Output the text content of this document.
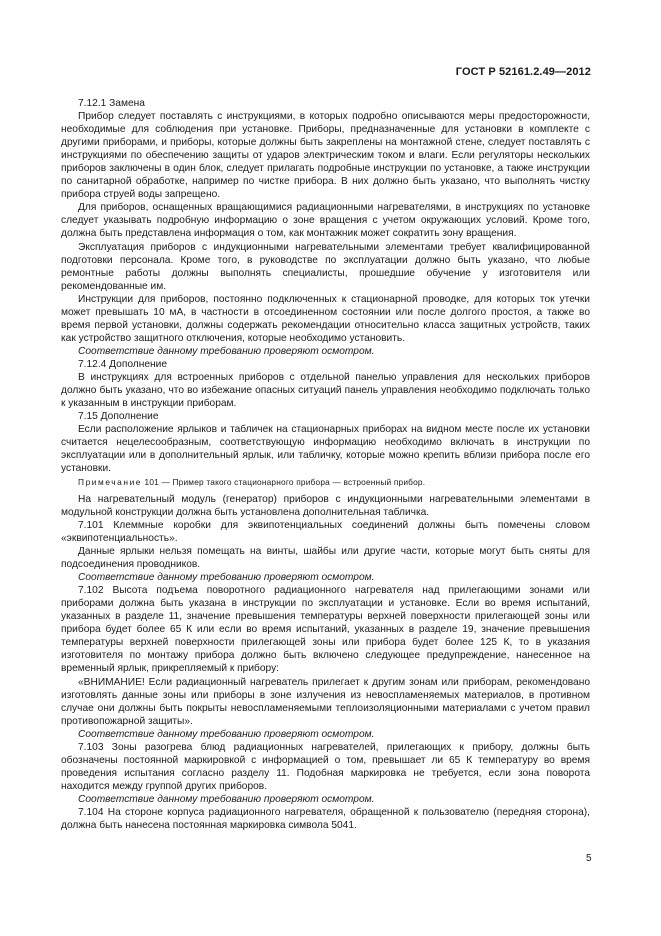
ГОСТ Р 52161.2.49—2012

7.12.1 Замена

Прибор следует поставлять с инструкциями, в которых подробно описываются меры предосторожности, необходимые для соблюдения при установке. Приборы, предназначенные для установки в комплекте с другими приборами, и приборы, которые должны быть закреплены на монтажной стене, следует поставлять с инструкциями по обеспечению защиты от ударов электрическим током и влаги. Если регуляторы нескольких приборов заключены в один блок, следует прилагать подробные инструкции по установке, а также инструкции по санитарной обработке, например по чистке прибора. В них должно быть указано, что выполнять чистку прибора струей воды запрещено.

Для приборов, оснащенных вращающимися радиационными нагревателями, в инструкциях по установке следует указывать подробную информацию о зоне вращения с учетом окружающих условий. Кроме того, должна быть представлена информация о том, как монтажник может сократить зону вращения.

Эксплуатация приборов с индукционными нагревательными элементами требует квалифицированной подготовки персонала. Кроме того, в руководстве по эксплуатации должно быть указано, что любые ремонтные работы должны выполнять специалисты, прошедшие обучение у изготовителя или рекомендованные им.

Инструкции для приборов, постоянно подключенных к стационарной проводке, для которых ток утечки может превышать 10 мА, в частности в отсоединенном состоянии или после долгого простоя, а также во время первой установки, должны содержать рекомендации относительно класса защитных устройств, таких как устройство защитного отключения, которые необходимо установить.

Соответствие данному требованию проверяют осмотром.

7.12.4 Дополнение

В инструкциях для встроенных приборов с отдельной панелью управления для нескольких приборов должно быть указано, что во избежание опасных ситуаций панель управления необходимо подключать только к указанным в инструкции приборам.

7.15 Дополнение

Если расположение ярлыков и табличек на стационарных приборах на видном месте после их установки считается нецелесообразным, соответствующую информацию необходимо включать в инструкции по эксплуатации или в дополнительный ярлык, или табличку, которые можно крепить вблизи прибора после его установки.

Примечание 101 — Пример такого стационарного прибора — встроенный прибор.

На нагревательный модуль (генератор) приборов с индукционными нагревательными элементами в модульной конструкции должна быть установлена дополнительная табличка.

7.101 Клеммные коробки для эквипотенциальных соединений должны быть помечены словом «эквипотенциальность».

Данные ярлыки нельзя помещать на винты, шайбы или другие части, которые могут быть сняты для подсоединения проводников.

Соответствие данному требованию проверяют осмотром.

7.102 Высота подъема поворотного радиационного нагревателя над прилегающими зонами или приборами должна быть указана в инструкции по эксплуатации и установке. Если во время испытаний, указанных в разделе 11, значение превышения температуры верхней поверхности прилегающей зоны или прибора будет более 65 К или если во время испытаний, указанных в разделе 19, значение превышения температуры верхней поверхности прилегающей зоны или прибора будет более 125 К, то в указания изготовителя по монтажу прибора должно быть включено следующее предупреждение, нанесенное на временный ярлык, прикрепляемый к прибору:

«ВНИМАНИЕ! Если радиационный нагреватель прилегает к другим зонам или приборам, рекомендовано изготовлять данные зоны или приборы в зоне излучения из невоспламеняемых материалов, в противном случае они должны быть покрыты невоспламеняемыми теплоизоляционными материалами с учетом правил противопожарной защиты».

Соответствие данному требованию проверяют осмотром.

7.103 Зоны разогрева блюд радиационных нагревателей, прилегающих к прибору, должны быть обозначены постоянной маркировкой с информацией о том, превышает ли 65 К температуру во время проведения испытания согласно разделу 11. Подобная маркировка не требуется, если зона поворота находится между группой других приборов.

Соответствие данному требованию проверяют осмотром.

7.104 На стороне корпуса радиационного нагревателя, обращенной к пользователю (передняя сторона), должна быть нанесена постоянная маркировка символа 5041.

5
